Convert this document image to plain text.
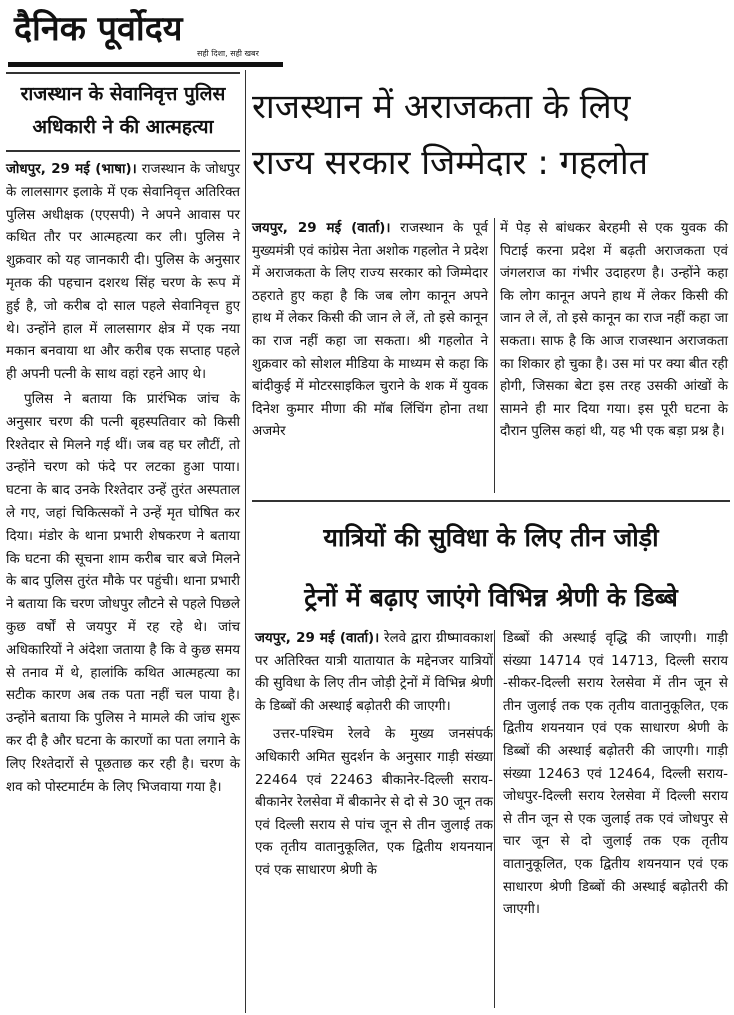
दैनिक पूर्वोदय
सही दिशा, सही खबर
राजस्थान के सेवानिवृत्त पुलिस
अधिकारी ने की आत्महत्या

जोधपुर, 29 मई (भाषा)। राजस्थान के जोधपुर के लालसागर इलाके में एक सेवानिवृत्त अतिरिक्त पुलिस अधीक्षक (एएसपी) ने अपने आवास पर कथित तौर पर आत्महत्या कर ली। पुलिस ने शुक्रवार को यह जानकारी दी। पुलिस के अनुसार मृतक की पहचान दशरथ सिंह चरण के रूप में हुई है, जो करीब दो साल पहले सेवानिवृत्त हुए थे। उन्होंने हाल में लालसागर क्षेत्र में एक नया मकान बनवाया था और करीब एक सप्ताह पहले ही अपनी पत्नी के साथ वहां रहने आए थे।

पुलिस ने बताया कि प्रारंभिक जांच के अनुसार चरण की पत्नी बृहस्पतिवार को किसी रिश्तेदार से मिलने गई थीं। जब वह घर लौटीं, तो उन्होंने चरण को फंदे पर लटका हुआ पाया। घटना के बाद उनके रिश्तेदार उन्हें तुरंत अस्पताल ले गए, जहां चिकित्सकों ने उन्हें मृत घोषित कर दिया। मंडोर के थाना प्रभारी शेषकरण ने बताया कि घटना की सूचना शाम करीब चार बजे मिलने के बाद पुलिस तुरंत मौके पर पहुंची। थाना प्रभारी ने बताया कि चरण जोधपुर लौटने से पहले पिछले कुछ वर्षों से जयपुर में रह रहे थे। जांच अधिकारियों ने अंदेशा जताया है कि वे कुछ समय से तनाव में थे, हालांकि कथित आत्महत्या का सटीक कारण अब तक पता नहीं चल पाया है। उन्होंने बताया कि पुलिस ने मामले की जांच शुरू कर दी है और घटना के कारणों का पता लगाने के लिए रिश्तेदारों से पूछताछ कर रही है। चरण के शव को पोस्टमार्टम के लिए भिजवाया गया है।

राजस्थान में अराजकता के लिए
राज्य सरकार जिम्मेदार : गहलोत

जयपुर, 29 मई (वार्ता)। राजस्थान के पूर्व मुख्यमंत्री एवं कांग्रेस नेता अशोक गहलोत ने प्रदेश में अराजकता के लिए राज्य सरकार को जिम्मेदार ठहराते हुए कहा है कि जब लोग कानून अपने हाथ में लेकर किसी की जान ले लें, तो इसे कानून का राज नहीं कहा जा सकता। श्री गहलोत ने शुक्रवार को सोशल मीडिया के माध्यम से कहा कि बांदीकुई में मोटरसाइकिल चुराने के शक में युवक दिनेश कुमार मीणा की मॉब लिंचिंग होना तथा अजमेर

में पेड़ से बांधकर बेरहमी से एक युवक की पिटाई करना प्रदेश में बढ़ती अराजकता एवं जंगलराज का गंभीर उदाहरण है। उन्होंने कहा कि लोग कानून अपने हाथ में लेकर किसी की जान ले लें, तो इसे कानून का राज नहीं कहा जा सकता। साफ है कि आज राजस्थान अराजकता का शिकार हो चुका है। उस मां पर क्या बीत रही होगी, जिसका बेटा इस तरह उसकी आंखों के सामने ही मार दिया गया। इस पूरी घटना के दौरान पुलिस कहां थी, यह भी एक बड़ा प्रश्न है।

यात्रियों की सुविधा के लिए तीन जोड़ी
ट्रेनों में बढ़ाए जाएंगे विभिन्न श्रेणी के डिब्बे

जयपुर, 29 मई (वार्ता)। रेलवे द्वारा ग्रीष्मावकाश पर अतिरिक्त यात्री यातायात के मद्देनजर यात्रियों की सुविधा के लिए तीन जोड़ी ट्रेनों में विभिन्न श्रेणी के डिब्बों की अस्थाई बढ़ोतरी की जाएगी।

उत्तर-पश्चिम रेलवे के मुख्य जनसंपर्क अधिकारी अमित सुदर्शन के अनुसार गाड़ी संख्या 22464 एवं 22463 बीकानेर-दिल्ली सराय-बीकानेर रेलसेवा में बीकानेर से दो से 30 जून तक एवं दिल्ली सराय से पांच जून से तीन जुलाई तक एक तृतीय वातानुकूलित, एक द्वितीय शयनयान एवं एक साधारण श्रेणी के

डिब्बों की अस्थाई वृद्धि की जाएगी। गाड़ी संख्या 14714 एवं 14713, दिल्ली सराय -सीकर-दिल्ली सराय रेलसेवा में तीन जून से तीन जुलाई तक एक तृतीय वातानुकूलित, एक द्वितीय शयनयान एवं एक साधारण श्रेणी के डिब्बों की अस्थाई बढ़ोतरी की जाएगी। गाड़ी संख्या 12463 एवं 12464, दिल्ली सराय-जोधपुर-दिल्ली सराय रेलसेवा में दिल्ली सराय से तीन जून से एक जुलाई तक एवं जोधपुर से चार जून से दो जुलाई तक एक तृतीय वातानुकूलित, एक द्वितीय शयनयान एवं एक साधारण श्रेणी डिब्बों की अस्थाई बढ़ोतरी की जाएगी।
